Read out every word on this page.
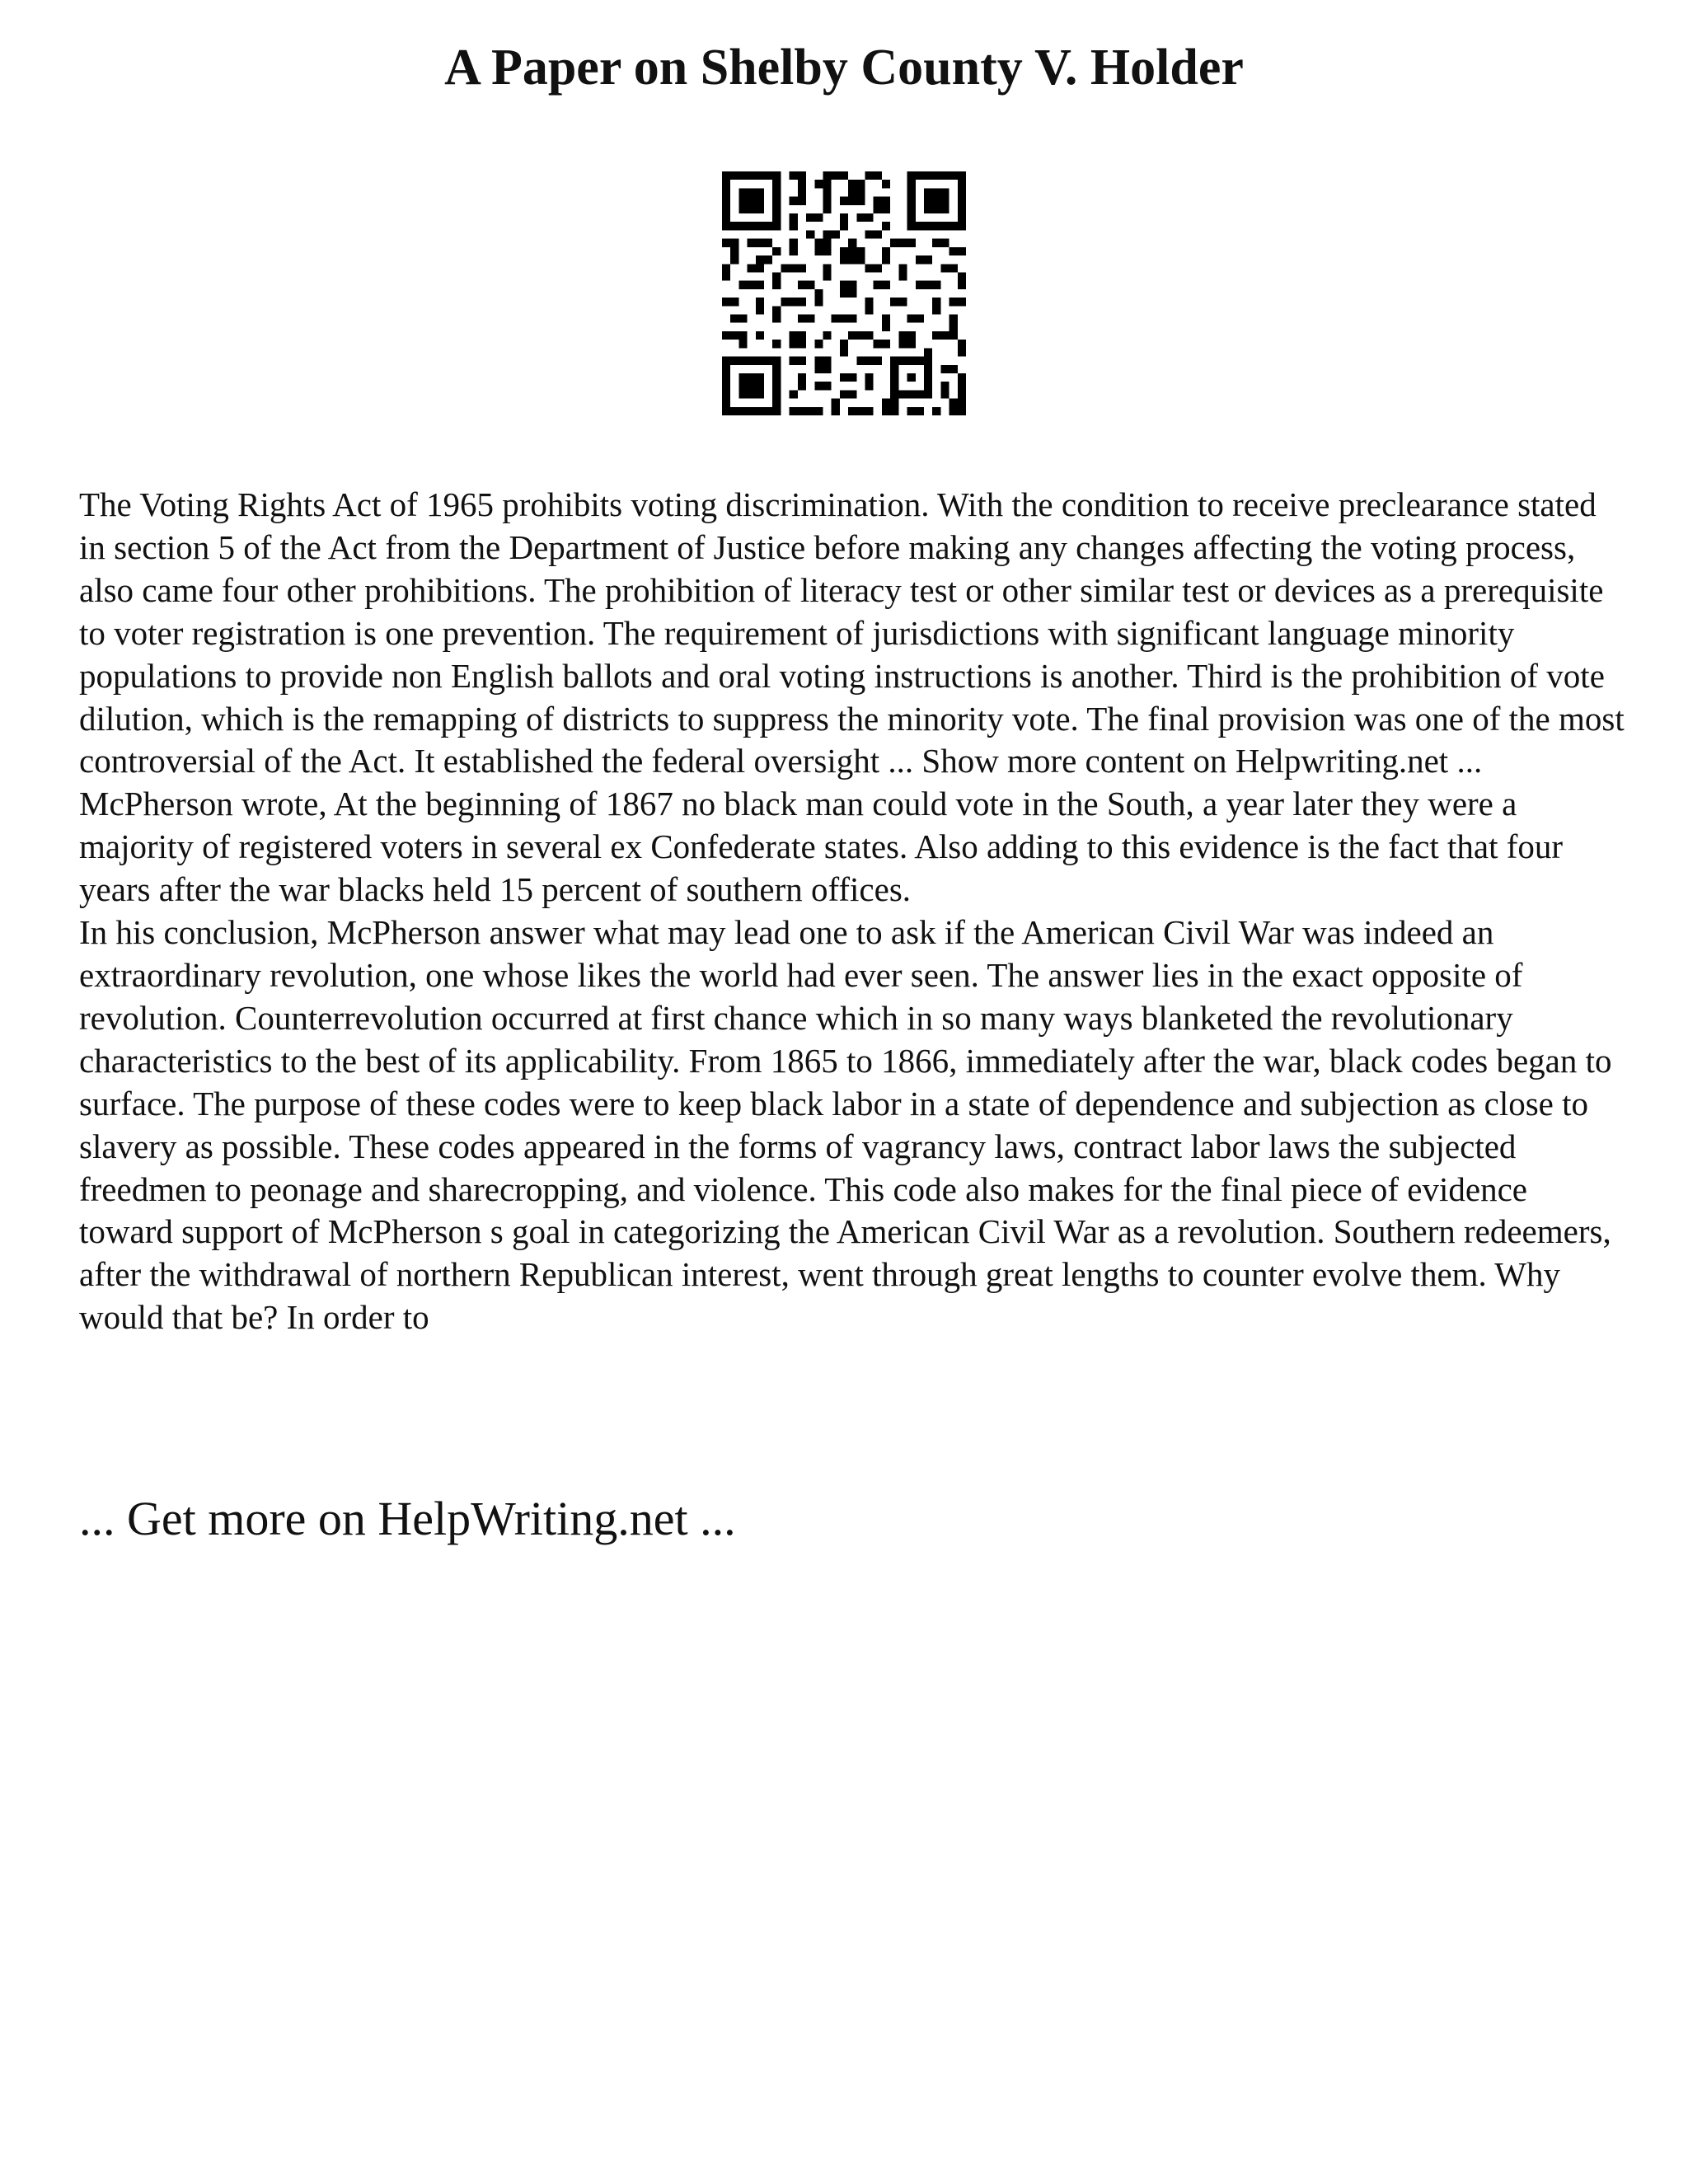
A Paper on Shelby County V. Holder

The Voting Rights Act of 1965 prohibits voting discrimination. With the condition to receive preclearance stated in section 5 of the Act from the Department of Justice before making any changes affecting the voting process, also came four other prohibitions. The prohibition of literacy test or other similar test or devices as a prerequisite to voter registration is one prevention. The requirement of jurisdictions with significant language minority populations to provide non English ballots and oral voting instructions is another. Third is the prohibition of vote dilution, which is the remapping of districts to suppress the minority vote. The final provision was one of the most controversial of the Act. It established the federal oversight ... Show more content on Helpwriting.net ...

McPherson wrote, At the beginning of 1867 no black man could vote in the South, a year later they were a majority of registered voters in several ex Confederate states. Also adding to this evidence is the fact that four years after the war blacks held 15 percent of southern offices.

In his conclusion, McPherson answer what may lead one to ask if the American Civil War was indeed an extraordinary revolution, one whose likes the world had ever seen. The answer lies in the exact opposite of revolution. Counterrevolution occurred at first chance which in so many ways blanketed the revolutionary characteristics to the best of its applicability. From 1865 to 1866, immediately after the war, black codes began to surface. The purpose of these codes were to keep black labor in a state of dependence and subjection as close to slavery as possible. These codes appeared in the forms of vagrancy laws, contract labor laws the subjected freedmen to peonage and sharecropping, and violence. This code also makes for the final piece of evidence toward support of McPherson s goal in categorizing the American Civil War as a revolution. Southern redeemers, after the withdrawal of northern Republican interest, went through great lengths to counter evolve them. Why would that be? In order to

... Get more on HelpWriting.net ...
